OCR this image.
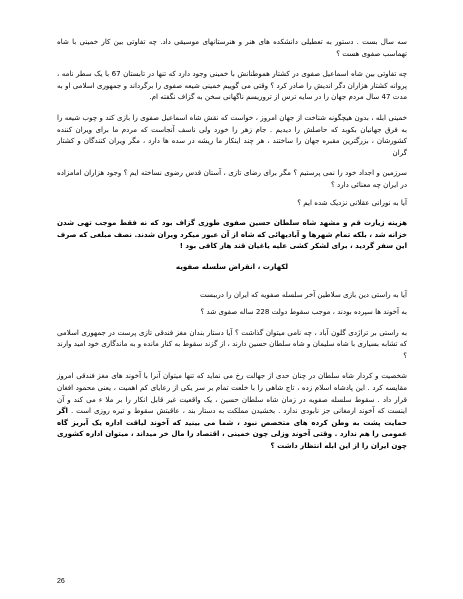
سه سال بست . دستور به تعطیلی دانشکده های هنر و هنرستانهای موسیقی داد. چه تفاوتی بین کار خمینی با شاه تهماسب صفوی هست ؟

چه تفاوتی بین شاه اسماعیل صفوی در کشتار هموطنانش با خمینی وجود دارد که تنها در تابستان 67 با یک سطر نامه ، پروانه کشتار هزاران دگر اندیش را صادر کرد ؟ وقتی می گوییم خمینی شیعه صفوی را برگرداند و جمهوری اسلامی او به مدت 47 سال مردم جهان را در سایه ترس از تروریسم ناگهانی سخن به گزاف نگفته ام.

خمینی ابله ، بدون هیچگونه شناخت از جهان امروز ، خواست که نقش شاه اسماعیل صفوی را بازی کند و چوب شیعه را به فرق جهانیان بکوبد که حاصلش را دیدیم . جام زهر را خورد ولی ناسف آنجاست که مردم ما برای ویران کننده کشورشان ، بزرگترین مقبره جهان را ساختند ، هر چند اینکار ما ریشه در سده ها دارد ، مگر ویران کنندگان و کشتار گران

سرزمین و اجداد خود را نمی پرستیم ؟ مگر برای رضای تازی ، آستان قدس رضوی نساخته ایم ؟ وجود هزاران امامزاده در ایران چه معنائی دارد ؟

آیا به نورانی عقلانی نزدیک شده ایم ؟

هزینه زیارت قم و مشهد شاه سلطان حسین صفوی طوری گزاف بود که نه فقط موجب تهی شدن خزانه شد ، بلکه تمام شهرها و آبادیهائی که شاه از آن عبور میکرد ویران شدند. نصف مبلغی که صرف این سفر گردید ، برای لشکر کشی علیه یاغیان قند هار کافی بود !

لکهارت ، انقراض سلسله صفویه

آیا به راستی دین بازی سلاطین آخر سلسله صفویه که ایران را درببست

به آخوند ها سپرده بودند ، موجب سقوط دولت 228 ساله صفوی شد ؟

به راستی بر تراژدی گلون آباد ، چه نامی میتوان گذاشت ؟ آیا دستار بندان مغز فندقی تازی پرست در جمهوری اسلامی که تشابه بسیاری با شاه سلیمان و شاه سلطان حسین دارند ، از گزند سقوط به کنار مانده و به ماندگاری خود امید وارند ؟

شخصیت و کردار شاه سلطان در چنان حدی از جهالت رخ می نماید که تنها میتوان آنرا با آخوند های مغز فندقی امروز مقایسه کرد . این پادشاه اسلام زده ، تاج شاهی را با خلعت تمام بر سر یکی از رعایای کم اهمیت ، یعنی محمود افغان قرار داد . سقوط سلسله صفویه در زمان شاه سلطان حسین ، یک واقعیت غیر قابل انکار را بر ملا ء می کند و آن اینست که آخوند ارمغانی جز نابودی ندارد . بخشیدن مملکت به دستار بند ، عاقبتش سقوط و تیره روزی است . اگر حمایت پشت به وطن کرده های متخصص نبود ، شما می بینید که آخوند لیاقت اداره یک آبریز گاه عمومی را هم ندارد . وقتی آخوند وزلی چون خمینی ، اقتصاد را مال خر میداند ، میتوان اداره کشوری چون ایران را از این ابله انتظار داشت ؟

26
